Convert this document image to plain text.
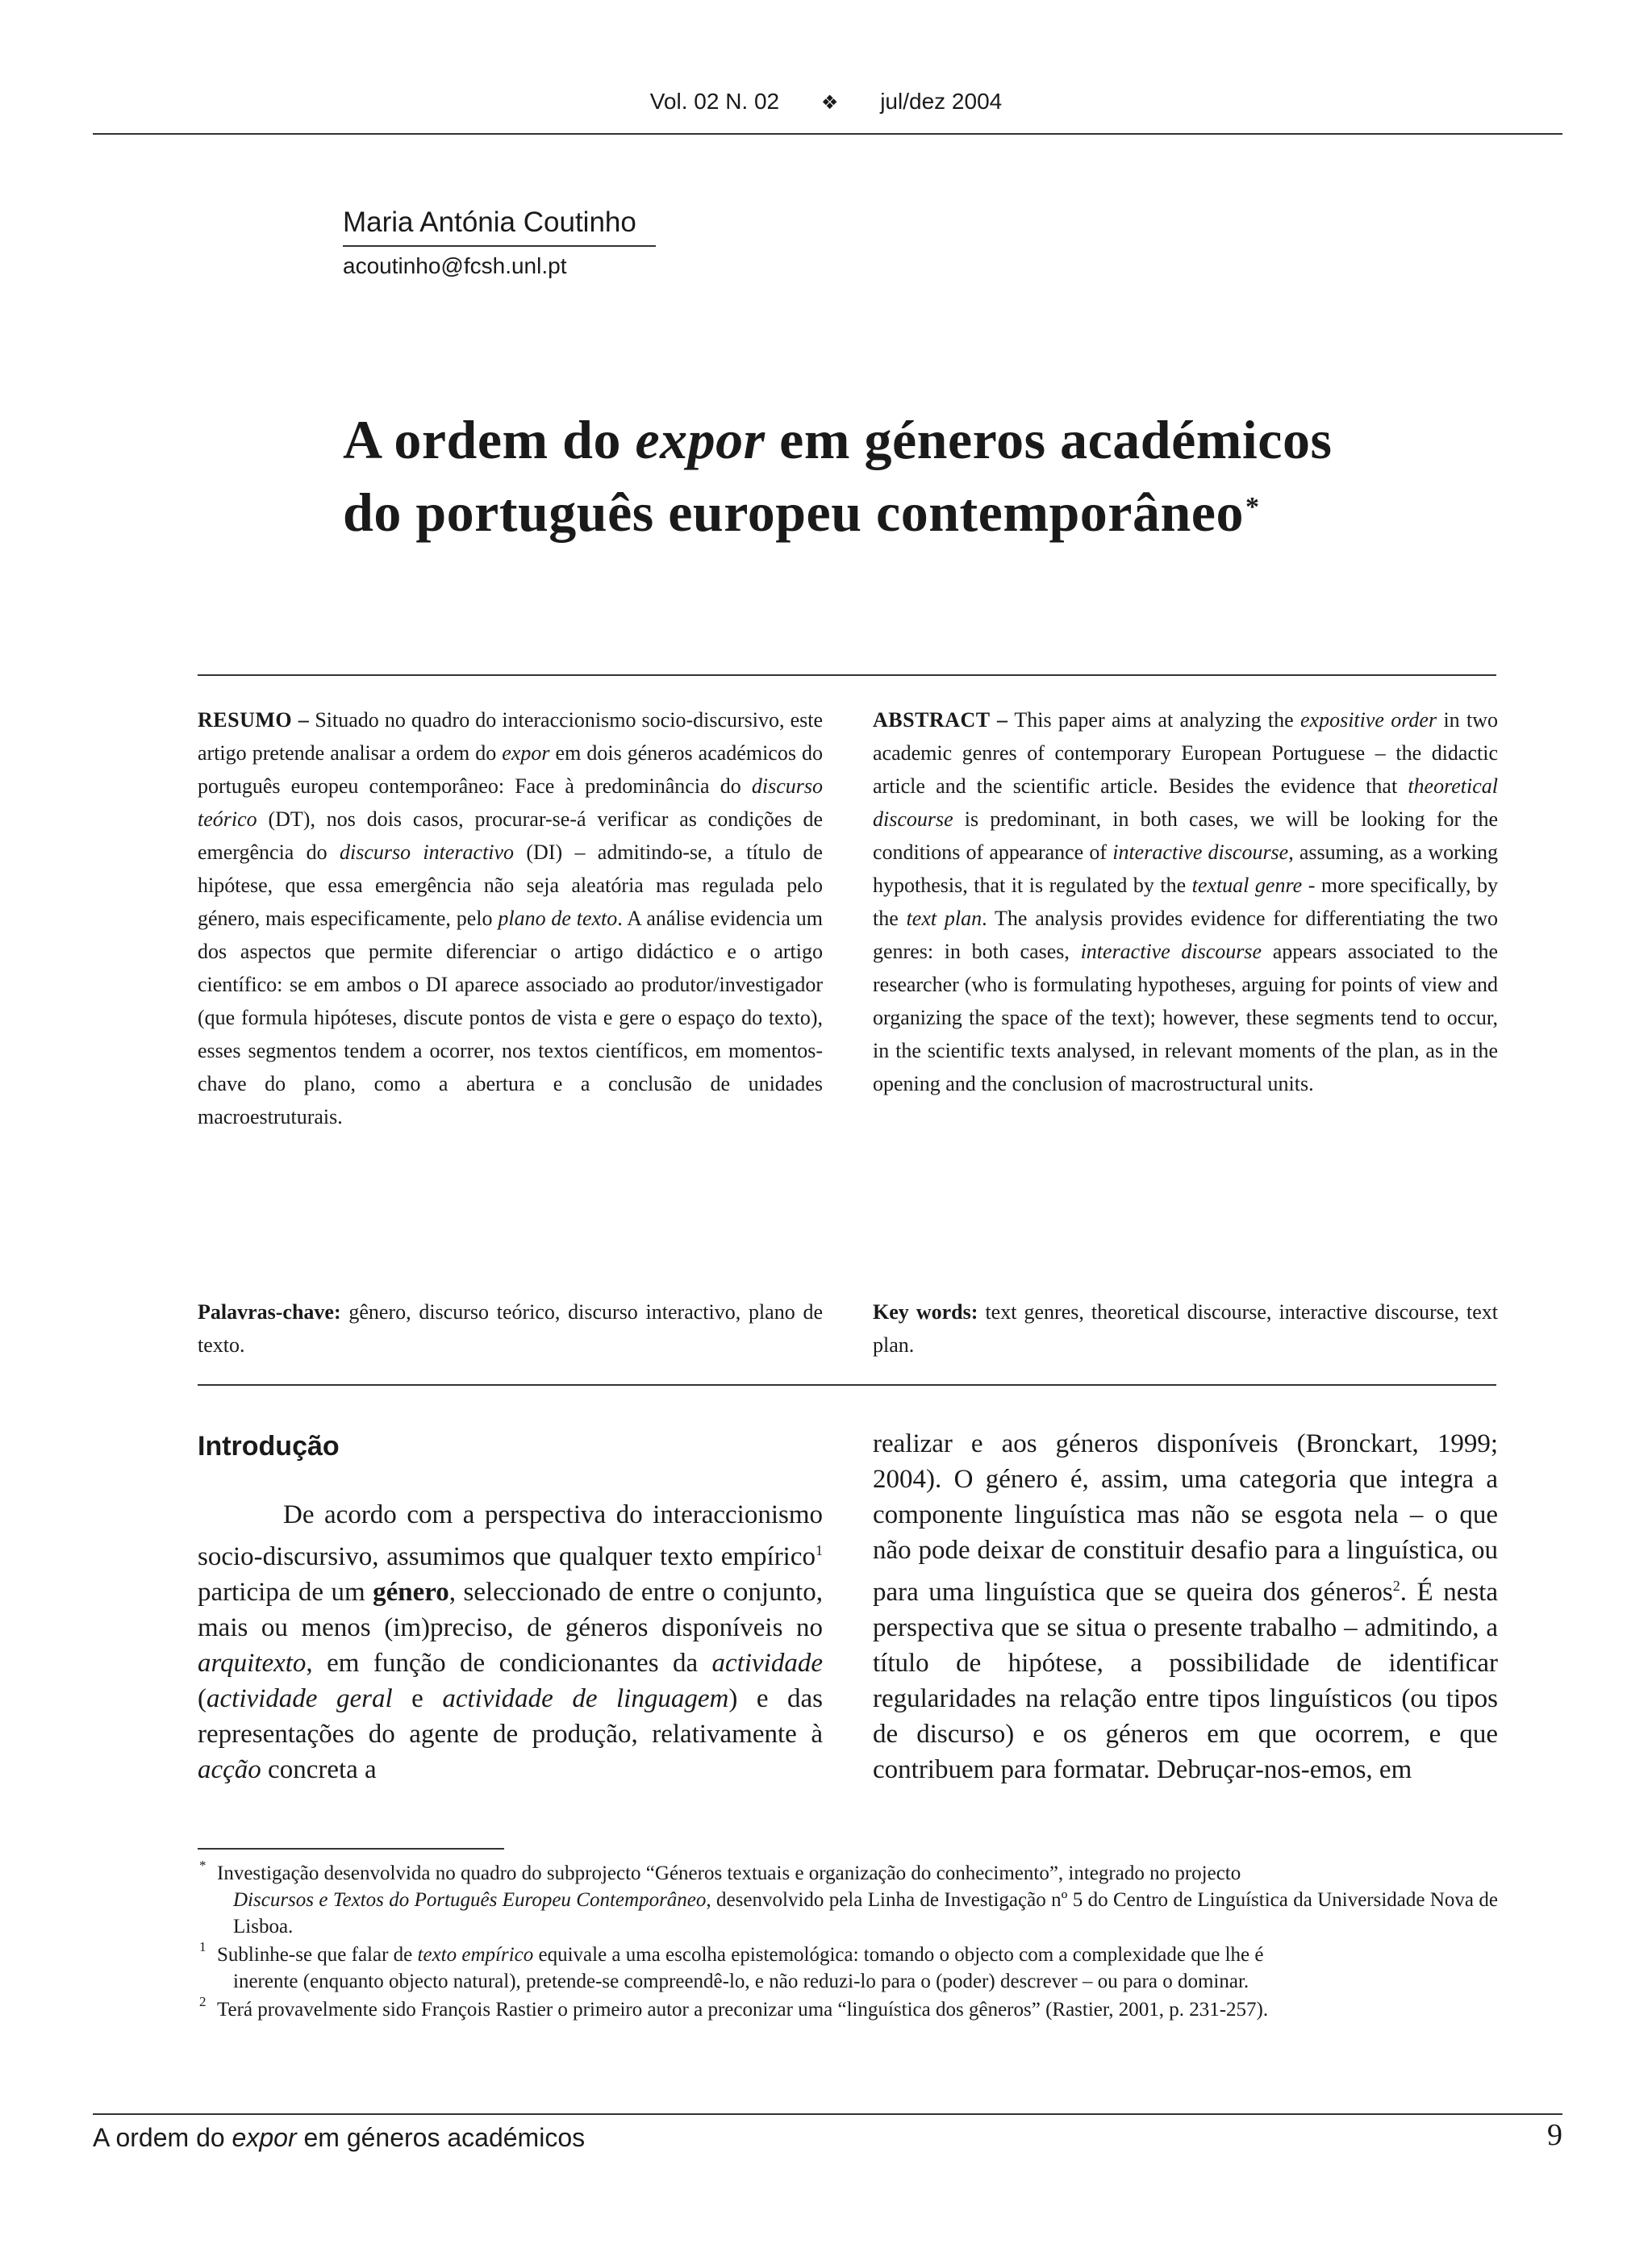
Vol. 02 N. 02 ❖ jul/dez 2004
Maria Antónia Coutinho
acoutinho@fcsh.unl.pt
A ordem do expor em géneros académicos
do português europeu contemporâneo*
RESUMO – Situado no quadro do interaccionismo socio-discursivo, este artigo pretende analisar a ordem do expor em dois géneros académicos do português europeu contemporâneo: Face à predominância do discurso teórico (DT), nos dois casos, procurar-se-á verificar as condições de emergência do discurso interactivo (DI) – admitindo-se, a título de hipótese, que essa emergência não seja aleatória mas regulada pelo género, mais especificamente, pelo plano de texto. A análise evidencia um dos aspectos que permite diferenciar o artigo didáctico e o artigo científico: se em ambos o DI aparece associado ao produtor/investigador (que formula hipóteses, discute pontos de vista e gere o espaço do texto), esses segmentos tendem a ocorrer, nos textos científicos, em momentos-chave do plano, como a abertura e a conclusão de unidades macroestruturais.
ABSTRACT – This paper aims at analyzing the expositive order in two academic genres of contemporary European Portuguese – the didactic article and the scientific article. Besides the evidence that theoretical discourse is predominant, in both cases, we will be looking for the conditions of appearance of interactive discourse, assuming, as a working hypothesis, that it is regulated by the textual genre - more specifically, by the text plan. The analysis provides evidence for differentiating the two genres: in both cases, interactive discourse appears associated to the researcher (who is formulating hypotheses, arguing for points of view and organizing the space of the text); however, these segments tend to occur, in the scientific texts analysed, in relevant moments of the plan, as in the opening and the conclusion of macrostructural units.
Palavras-chave: gênero, discurso teórico, discurso interactivo, plano de texto.
Key words: text genres, theoretical discourse, interactive discourse, text plan.
Introdução

De acordo com a perspectiva do interaccionismo socio-discursivo, assumimos que qualquer texto empírico$^1$ participa de um género, seleccionado de entre o conjunto, mais ou menos (im)preciso, de géneros disponíveis no arquitexto, em função de condicionantes da actividade (actividade geral e actividade de linguagem) e das representações do agente de produção, relativamente à acção concreta a

realizar e aos géneros disponíveis (Bronckart, 1999; 2004). O género é, assim, uma categoria que integra a componente linguística mas não se esgota nela – o que não pode deixar de constituir desafio para a linguística, ou para uma linguística que se queira dos géneros$^2$. É nesta perspectiva que se situa o presente trabalho – admitindo, a título de hipótese, a possibilidade de identificar regularidades na relação entre tipos linguísticos (ou tipos de discurso) e os géneros em que ocorrem, e que contribuem para formatar. Debruçar-nos-emos, em

* Investigação desenvolvida no quadro do subprojecto “Géneros textuais e organização do conhecimento”, integrado no projecto
Discursos e Textos do Português Europeu Contemporâneo, desenvolvido pela Linha de Investigação nº 5 do Centro de Linguística da Universidade Nova de Lisboa.
1 Sublinhe-se que falar de texto empírico equivale a uma escolha epistemológica: tomando o objecto com a complexidade que lhe é
inerente (enquanto objecto natural), pretende-se compreendê-lo, e não reduzi-lo para o (poder) descrever – ou para o dominar.
2 Terá provavelmente sido François Rastier o primeiro autor a preconizar uma “linguística dos gêneros” (Rastier, 2001, p. 231-257).
A ordem do expor em géneros académicos	9
